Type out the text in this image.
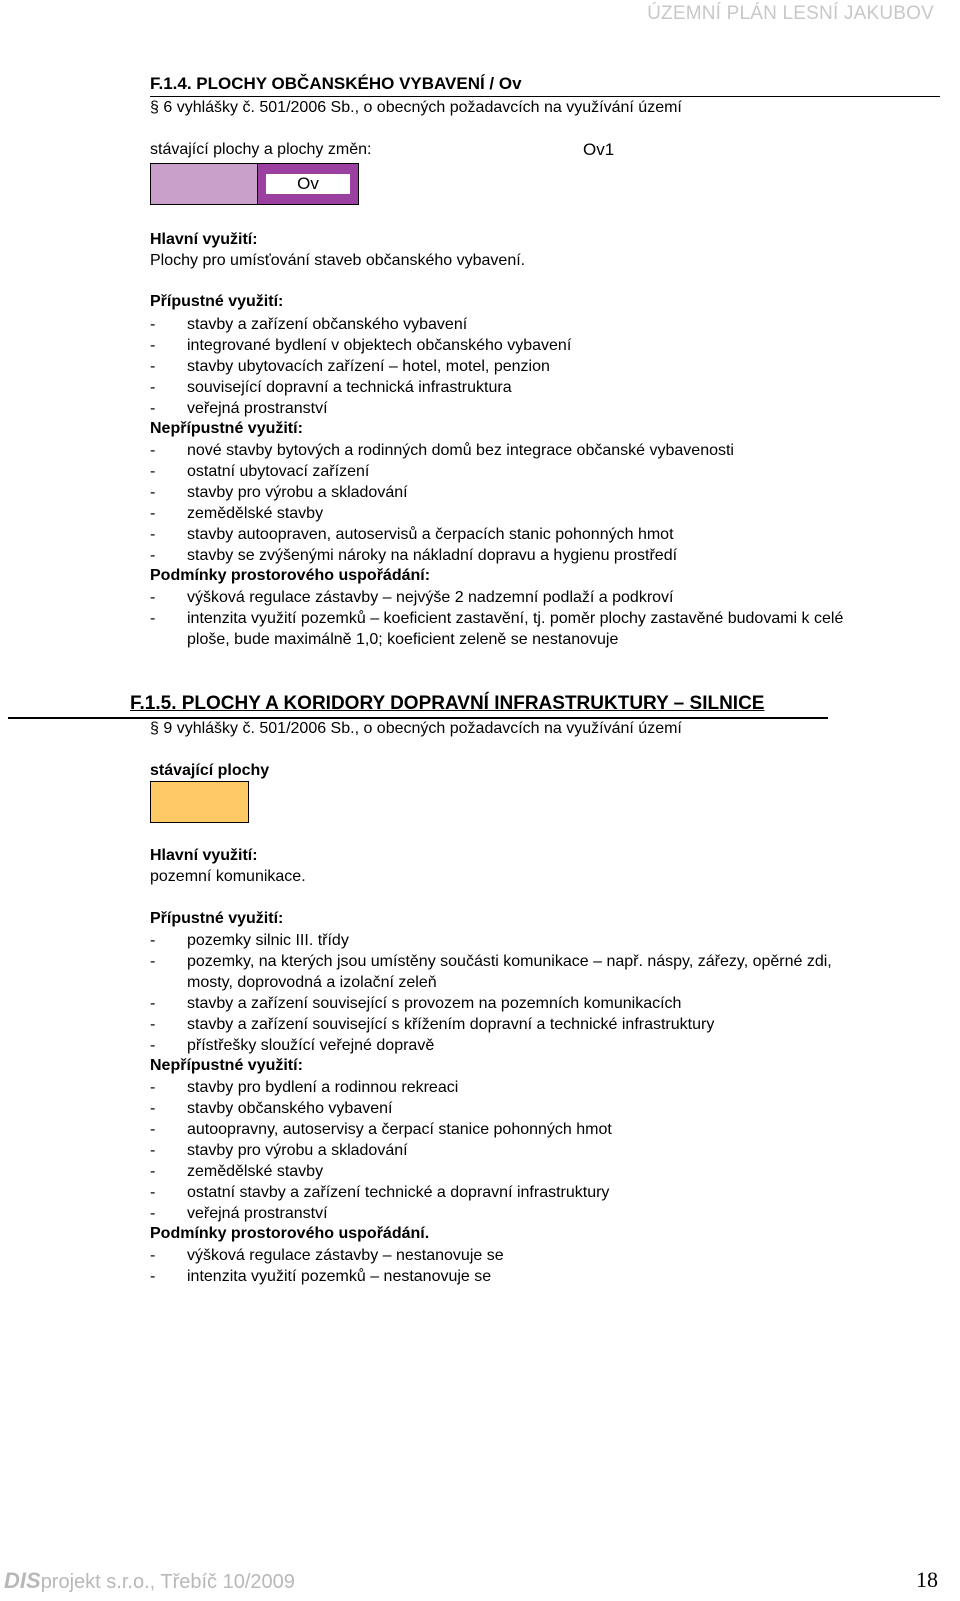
ÚZEMNÍ PLÁN LESNÍ JAKUBOV
F.1.4. PLOCHY OBČANSKÉHO VYBAVENÍ / Ov
§ 6 vyhlášky č. 501/2006 Sb., o obecných požadavcích na využívání území
stávající plochy a plochy změn:	Ov1
Ov
Hlavní využití:
Plochy pro umísťování staveb občanského vybavení.
Přípustné využití:
- stavby a zařízení občanského vybavení
- integrované bydlení v objektech občanského vybavení
- stavby ubytovacích zařízení – hotel, motel, penzion
- související dopravní a technická infrastruktura
- veřejná prostranství
Nepřípustné využití:
- nové stavby bytových a rodinných domů bez integrace občanské vybavenosti
- ostatní ubytovací zařízení
- stavby pro výrobu a skladování
- zemědělské stavby
- stavby autoopraven, autoservisů a čerpacích stanic pohonných hmot
- stavby se zvýšenými nároky na nákladní dopravu a hygienu prostředí
Podmínky prostorového uspořádání:
- výšková regulace zástavby – nejvýše 2 nadzemní podlaží a podkroví
- intenzita využití pozemků – koeficient zastavění, tj. poměr plochy zastavěné budovami k celé
ploše, bude maximálně 1,0; koeficient zeleně se nestanovuje
F.1.5. PLOCHY A KORIDORY DOPRAVNÍ INFRASTRUKTURY – SILNICE
§ 9 vyhlášky č. 501/2006 Sb., o obecných požadavcích na využívání území
stávající plochy
Hlavní využití:
pozemní komunikace.
Přípustné využití:
- pozemky silnic III. třídy
- pozemky, na kterých jsou umístěny součásti komunikace – např. náspy, zářezy, opěrné zdi,
mosty, doprovodná a izolační zeleň
- stavby a zařízení související s provozem na pozemních komunikacích
- stavby a zařízení související s křížením dopravní a technické infrastruktury
- přístřešky sloužící veřejné dopravě
Nepřípustné využití:
- stavby pro bydlení a rodinnou rekreaci
- stavby občanského vybavení
- autoopravny, autoservisy a čerpací stanice pohonných hmot
- stavby pro výrobu a skladování
- zemědělské stavby
- ostatní stavby a zařízení technické a dopravní infrastruktury
- veřejná prostranství
Podmínky prostorového uspořádání.
- výšková regulace zástavby – nestanovuje se
- intenzita využití pozemků – nestanovuje se
DISprojekt s.r.o., Třebíč 10/2009	18
